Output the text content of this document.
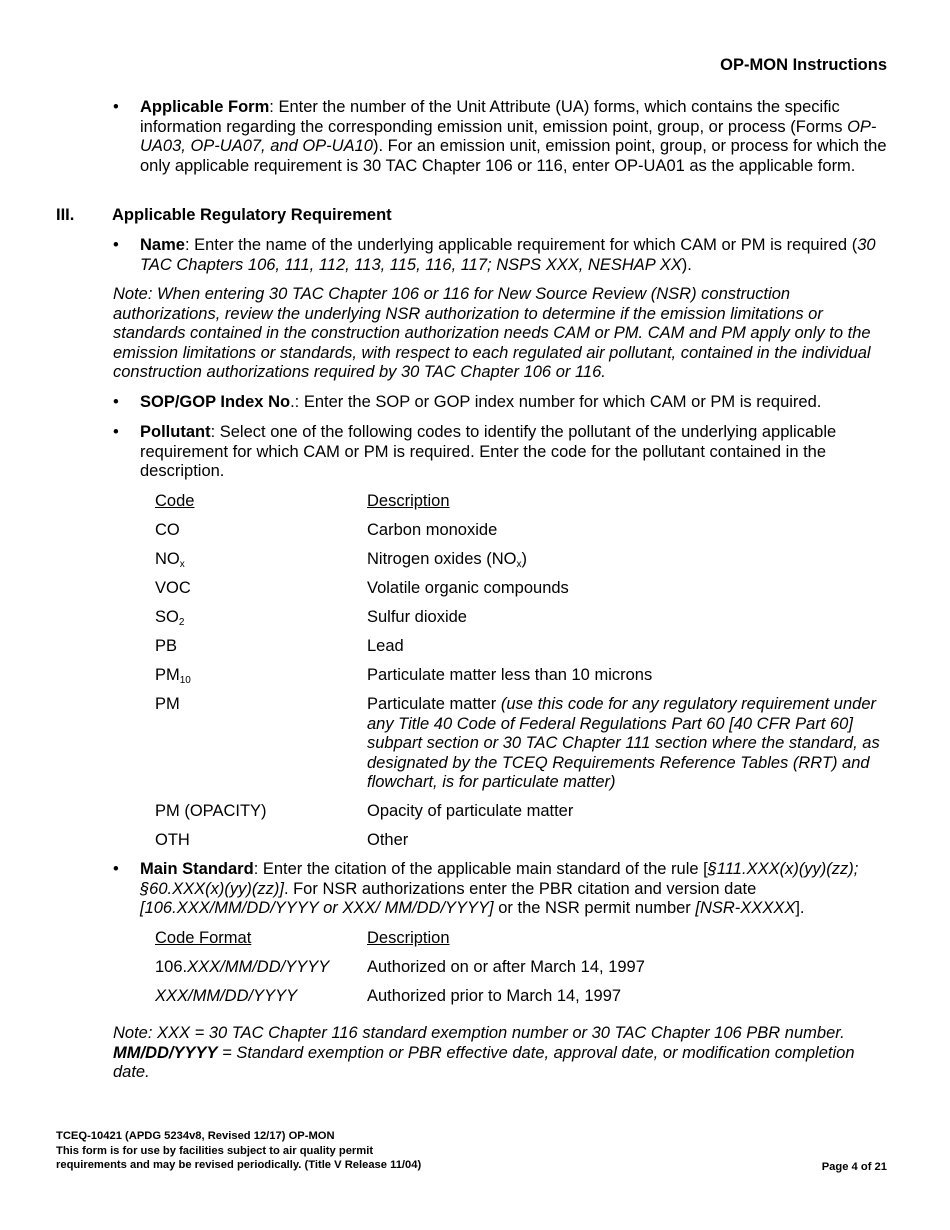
OP-MON Instructions
• Applicable Form: Enter the number of the Unit Attribute (UA) forms, which contains the specific information regarding the corresponding emission unit, emission point, group, or process (Forms OP-UA03, OP-UA07, and OP-UA10). For an emission unit, emission point, group, or process for which the only applicable requirement is 30 TAC Chapter 106 or 116, enter OP-UA01 as the applicable form.
III. Applicable Regulatory Requirement
• Name: Enter the name of the underlying applicable requirement for which CAM or PM is required (30 TAC Chapters 106, 111, 112, 113, 115, 116, 117; NSPS XXX, NESHAP XX).
Note: When entering 30 TAC Chapter 106 or 116 for New Source Review (NSR) construction authorizations, review the underlying NSR authorization to determine if the emission limitations or standards contained in the construction authorization needs CAM or PM. CAM and PM apply only to the emission limitations or standards, with respect to each regulated air pollutant, contained in the individual construction authorizations required by 30 TAC Chapter 106 or 116.
• SOP/GOP Index No.: Enter the SOP or GOP index number for which CAM or PM is required.
• Pollutant: Select one of the following codes to identify the pollutant of the underlying applicable requirement for which CAM or PM is required. Enter the code for the pollutant contained in the description.
Code	Description
CO	Carbon monoxide
$NO_x$	Nitrogen oxides $(NO_x)$
VOC	Volatile organic compounds
$SO_2$	Sulfur dioxide
PB	Lead
$PM_{10}$	Particulate matter less than 10 microns
PM	Particulate matter (use this code for any regulatory requirement under any Title 40 Code of Federal Regulations Part 60 [40 CFR Part 60] subpart section or 30 TAC Chapter 111 section where the standard, as designated by the TCEQ Requirements Reference Tables (RRT) and flowchart, is for particulate matter)
PM (OPACITY)	Opacity of particulate matter
OTH	Other
• Main Standard: Enter the citation of the applicable main standard of the rule [§111.XXX(x)(yy)(zz); §60.XXX(x)(yy)(zz)]. For NSR authorizations enter the PBR citation and version date [106.XXX/MM/DD/YYYY or XXX/ MM/DD/YYYY] or the NSR permit number [NSR-XXXXX].
Code Format	Description
106.XXX/MM/DD/YYYY Authorized on or after March 14, 1997
XXX/MM/DD/YYYY	Authorized prior to March 14, 1997
Note: XXX = 30 TAC Chapter 116 standard exemption number or 30 TAC Chapter 106 PBR number. MM/DD/YYYY = Standard exemption or PBR effective date, approval date, or modification completion date.
TCEQ-10421 (APDG 5234v8, Revised 12/17) OP-MON
This form is for use by facilities subject to air quality permit
requirements and may be revised periodically. (Title V Release 11/04)	Page 4 of 21
